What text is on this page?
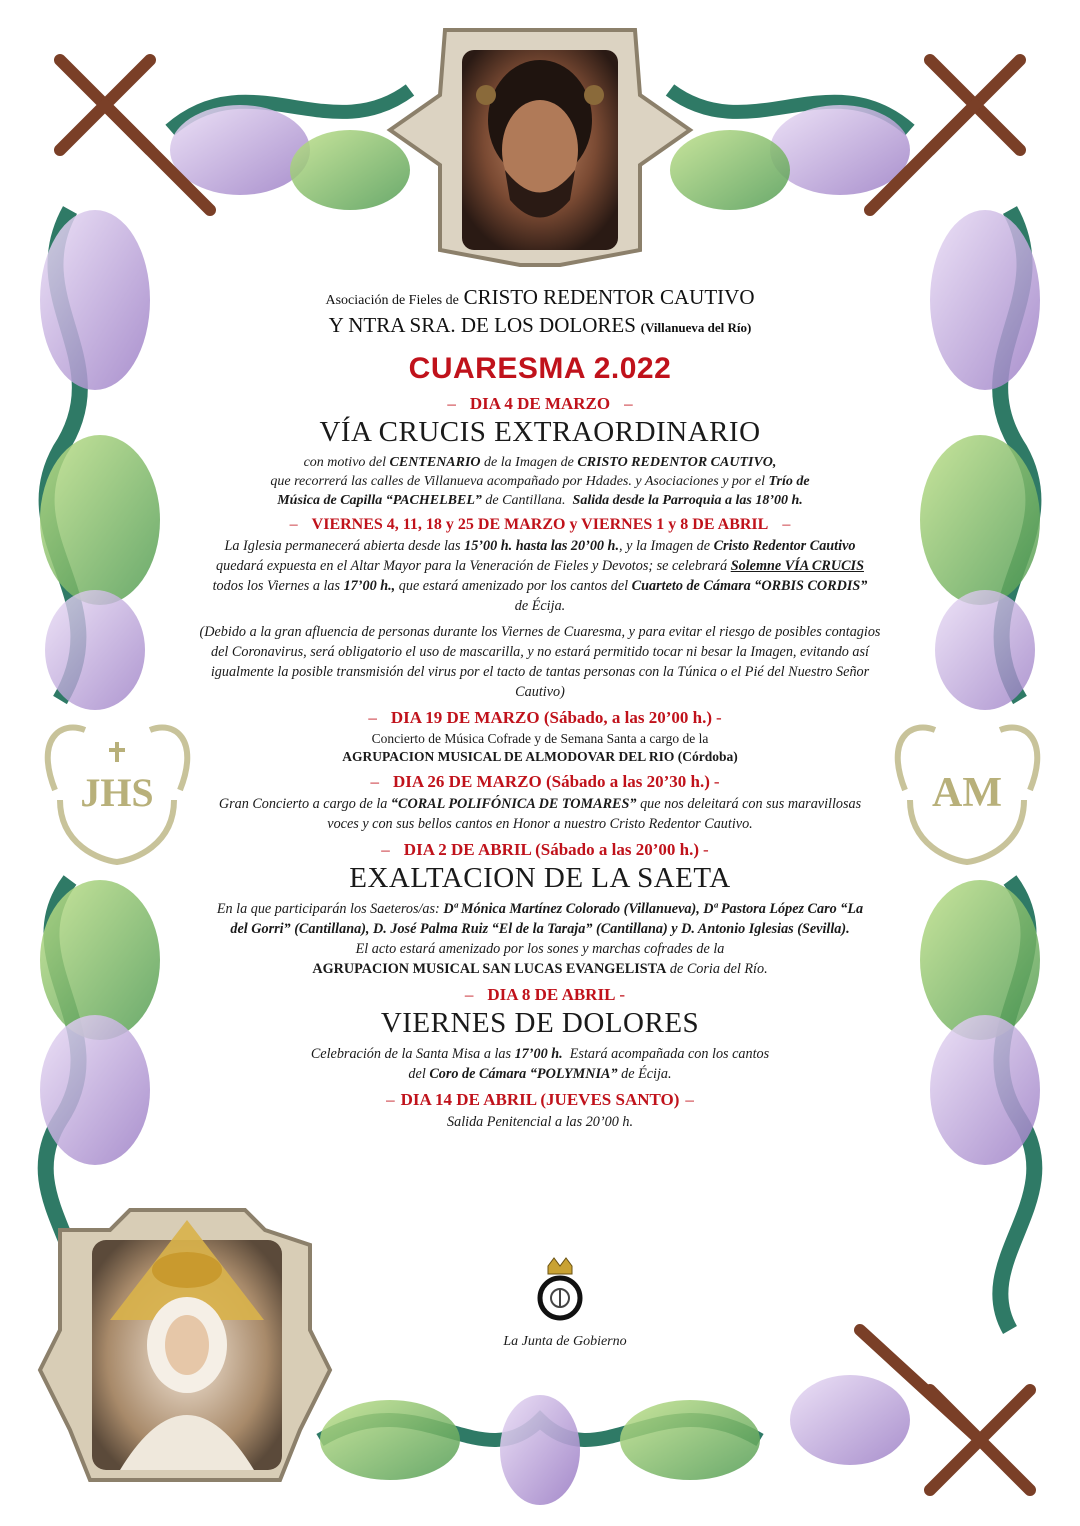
JHS	AM
Asociación de Fieles de CRISTO REDENTOR CAUTIVO
Y NTRA SRA. DE LOS DOLORES (Villanueva del Río)
CUARESMA 2.022
– DIA 4 DE MARZO –
VÍA CRUCIS EXTRAORDINARIO
con motivo del CENTENARIO de la Imagen de CRISTO REDENTOR CAUTIVO,
que recorrerá las calles de Villanueva acompañado por Hdades. y Asociaciones y por el Trío de
Música de Capilla “PACHELBEL” de Cantillana. Salida desde la Parroquia a las 18’00 h.
– VIERNES 4, 11, 18 y 25 DE MARZO y VIERNES 1 y 8 DE ABRIL –
La Iglesia permanecerá abierta desde las 15’00 h. hasta las 20’00 h., y la Imagen de Cristo Redentor Cautivo quedará expuesta en el Altar Mayor para la Veneración de Fieles y Devotos; se celebrará Solemne VÍA CRUCIS todos los Viernes a las 17’00 h., que estará amenizado por los cantos del Cuarteto de Cámara “ORBIS CORDIS” de Écija.
(Debido a la gran afluencia de personas durante los Viernes de Cuaresma, y para evitar el riesgo de posibles contagios del Coronavirus, será obligatorio el uso de mascarilla, y no estará permitido tocar ni besar la Imagen, evitando así igualmente la posible transmisión del virus por el tacto de tantas personas con la Túnica o el Pié del Nuestro Señor Cautivo)
– DIA 19 DE MARZO (Sábado, a las 20’00 h.) -
Concierto de Música Cofrade y de Semana Santa a cargo de la
AGRUPACION MUSICAL DE ALMODOVAR DEL RIO (Córdoba)
– DIA 26 DE MARZO (Sábado a las 20’30 h.) -
Gran Concierto a cargo de la “CORAL POLIFÓNICA DE TOMARES” que nos deleitará con sus maravillosas voces y con sus bellos cantos en Honor a nuestro Cristo Redentor Cautivo.
– DIA 2 DE ABRIL (Sábado a las 20’00 h.) -
EXALTACION DE LA SAETA
En la que participarán los Saeteros/as: Dª Mónica Martínez Colorado (Villanueva), Dª Pastora López Caro “La del Gorri” (Cantillana), D. José Palma Ruiz “El de la Taraja” (Cantillana) y D. Antonio Iglesias (Sevilla).
El acto estará amenizado por los sones y marchas cofrades de la
AGRUPACION MUSICAL SAN LUCAS EVANGELISTA de Coria del Río.
– DIA 8 DE ABRIL -
VIERNES DE DOLORES
Celebración de la Santa Misa a las 17’00 h. Estará acompañada con los cantos
del Coro de Cámara “POLYMNIA” de Écija.
– DIA 14 DE ABRIL (JUEVES SANTO) –
Salida Penitencial a las 20’00 h.
La Junta de Gobierno
